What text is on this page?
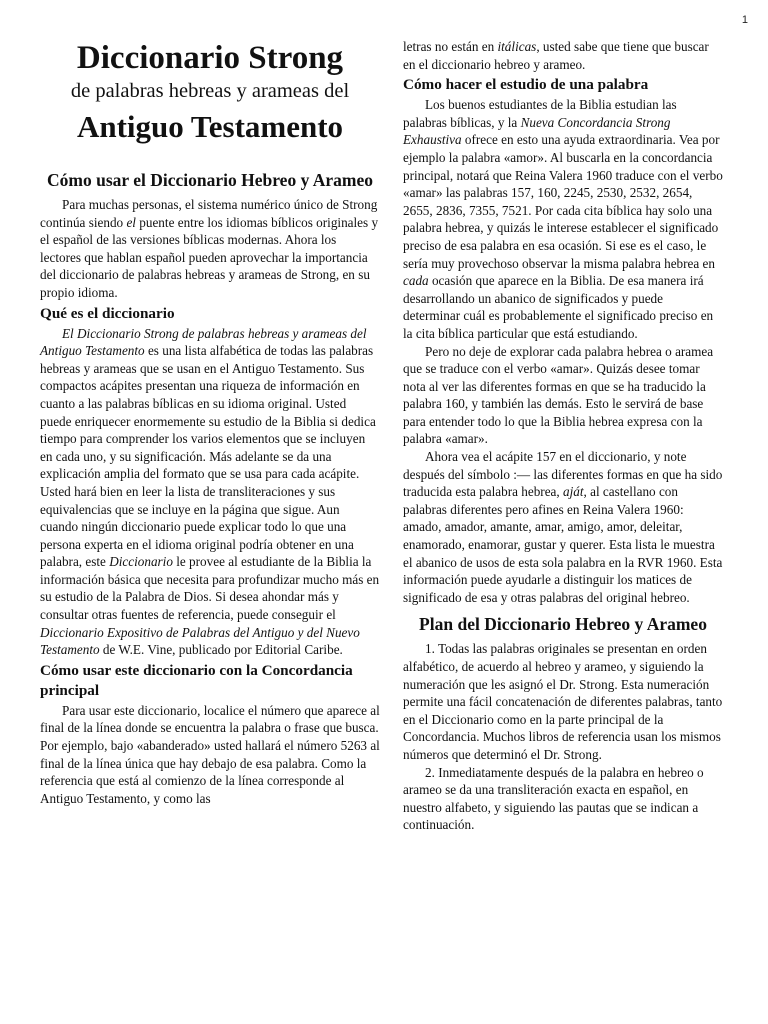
1
Diccionario Strong
de palabras hebreas y arameas del
Antiguo Testamento
Cómo usar el Diccionario Hebreo y Arameo

Para muchas personas, el sistema numérico único de Strong continúa siendo el puente entre los idiomas bíblicos originales y el español de las versiones bíblicas modernas. Ahora los lectores que hablan español pueden aprovechar la importancia del diccionario de palabras hebreas y arameas de Strong, en su propio idioma.

Qué es el diccionario

El Diccionario Strong de palabras hebreas y arameas del Antiguo Testamento es una lista alfabética de todas las palabras hebreas y arameas que se usan en el Antiguo Testamento. Sus compactos acápites presentan una riqueza de información en cuanto a las palabras bíblicas en su idioma original. Usted puede enriquecer enormemente su estudio de la Biblia si dedica tiempo para comprender los varios elementos que se incluyen en cada uno, y su significación. Más adelante se da una explicación amplia del formato que se usa para cada acápite. Usted hará bien en leer la lista de transliteraciones y sus equivalencias que se incluye en la página que sigue. Aun cuando ningún diccionario puede explicar todo lo que una persona experta en el idioma original podría obtener en una palabra, este Diccionario le provee al estudiante de la Biblia la información básica que necesita para profundizar mucho más en su estudio de la Palabra de Dios. Si desea ahondar más y consultar otras fuentes de referencia, puede conseguir el Diccionario Expositivo de Palabras del Antiguo y del Nuevo Testamento de W.E. Vine, publicado por Editorial Caribe.

Cómo usar este diccionario con la Concordancia principal

Para usar este diccionario, localice el número que aparece al final de la línea donde se encuentra la palabra o frase que busca. Por ejemplo, bajo «abanderado» usted hallará el número 5263 al final de la línea única que hay debajo de esa palabra. Como la referencia que está al comienzo de la línea corresponde al Antiguo Testamento, y como las

letras no están en itálicas, usted sabe que tiene que buscar en el diccionario hebreo y arameo.

Cómo hacer el estudio de una palabra

Los buenos estudiantes de la Biblia estudian las palabras bíblicas, y la Nueva Concordancia Strong Exhaustiva ofrece en esto una ayuda extraordinaria. Vea por ejemplo la palabra «amor». Al buscarla en la concordancia principal, notará que Reina Valera 1960 traduce con el verbo «amar» las palabras 157, 160, 2245, 2530, 2532, 2654, 2655, 2836, 7355, 7521. Por cada cita bíblica hay solo una palabra hebrea, y quizás le interese establecer el significado preciso de esa palabra en esa ocasión. Si ese es el caso, le sería muy provechoso observar la misma palabra hebrea en cada ocasión que aparece en la Biblia. De esa manera irá desarrollando un abanico de significados y puede determinar cuál es probablemente el significado preciso en la cita bíblica particular que está estudiando.

Pero no deje de explorar cada palabra hebrea o aramea que se traduce con el verbo «amar». Quizás desee tomar nota al ver las diferentes formas en que se ha traducido la palabra 160, y también las demás. Esto le servirá de base para entender todo lo que la Biblia hebrea expresa con la palabra «amar».

Ahora vea el acápite 157 en el diccionario, y note después del símbolo :— las diferentes formas en que ha sido traducida esta palabra hebrea, aját, al castellano con palabras diferentes pero afines en Reina Valera 1960: amado, amador, amante, amar, amigo, amor, deleitar, enamorado, enamorar, gustar y querer. Esta lista le muestra el abanico de usos de esta sola palabra en la RVR 1960. Esta información puede ayudarle a distinguir los matices de significado de esa y otras palabras del original hebreo.

Plan del Diccionario Hebreo y Arameo

1. Todas las palabras originales se presentan en orden alfabético, de acuerdo al hebreo y arameo, y siguiendo la numeración que les asignó el Dr. Strong. Esta numeración permite una fácil concatenación de diferentes palabras, tanto en el Diccionario como en la parte principal de la Concordancia. Muchos libros de referencia usan los mismos números que determinó el Dr. Strong.

2. Inmediatamente después de la palabra en hebreo o arameo se da una transliteración exacta en español, en nuestro alfabeto, y siguiendo las pautas que se indican a continuación.
